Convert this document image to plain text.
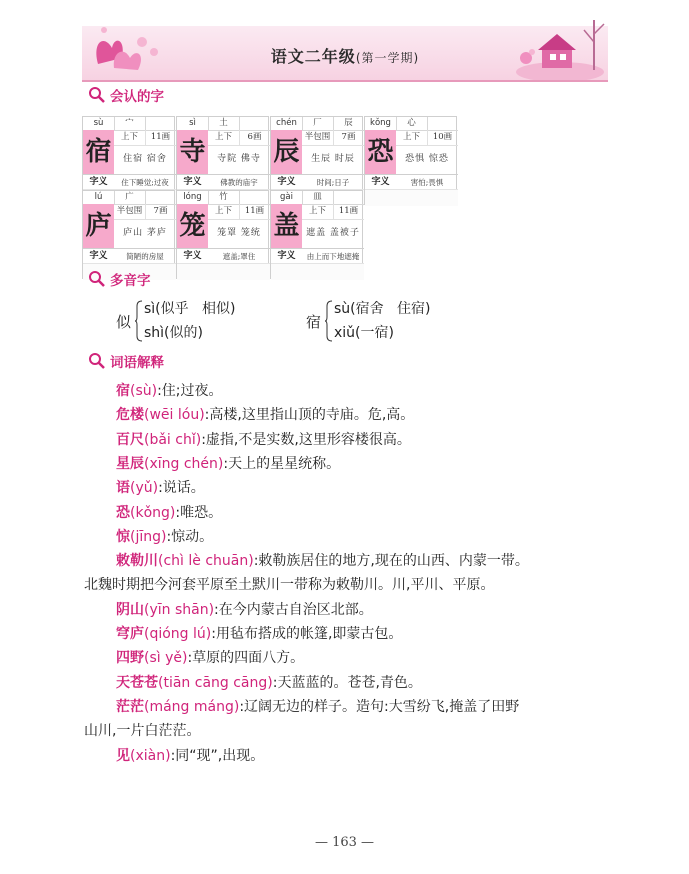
语文二年级(第一学期)
会认的字
sù	宀
宿	上下	11画
住宿 宿舍
字义	住下睡觉;过夜
sì	土
寺	上下	6画
寺院 佛寺
字义	佛教的庙宇
chén	厂	辰
辰 半包围	7画
生辰 时辰
字义	时间;日子
kǒng	心
恐	上下	10画
恐惧 惊恐
字义	害怕;畏惧
lú	广
庐 半包围	7画
庐山 茅庐
字义	简陋的房屋
lóng	竹
笼	上下	11画
笼罩 笼统
字义	遮盖;罩住
gài	皿
盖	上下	11画
遮盖 盖被子
字义	由上而下地遮掩
多音字
似
sì(似乎   相似)
shì(似的)
宿
sù(宿舍   住宿)
xiǔ(一宿)
词语解释
宿(sù):住;过夜。
危楼(wēi lóu):高楼,这里指山顶的寺庙。危,高。
百尺(bǎi chǐ):虚指,不是实数,这里形容楼很高。
星辰(xīng chén):天上的星星统称。
语(yǔ):说话。
恐(kǒng):唯恐。
惊(jīng):惊动。
敕勒川(chì lè chuān):敕勒族居住的地方,现在的山西、内蒙一带。
北魏时期把今河套平原至土默川一带称为敕勒川。川,平川、平原。
阴山(yīn shān):在今内蒙古自治区北部。
穹庐(qióng lú):用毡布搭成的帐篷,即蒙古包。
四野(sì yě):草原的四面八方。
天苍苍(tiān cāng cāng):天蓝蓝的。苍苍,青色。
茫茫(máng máng):辽阔无边的样子。造句:大雪纷飞,掩盖了田野
山川,一片白茫茫。
见(xiàn):同“现”,出现。
— 163 —
